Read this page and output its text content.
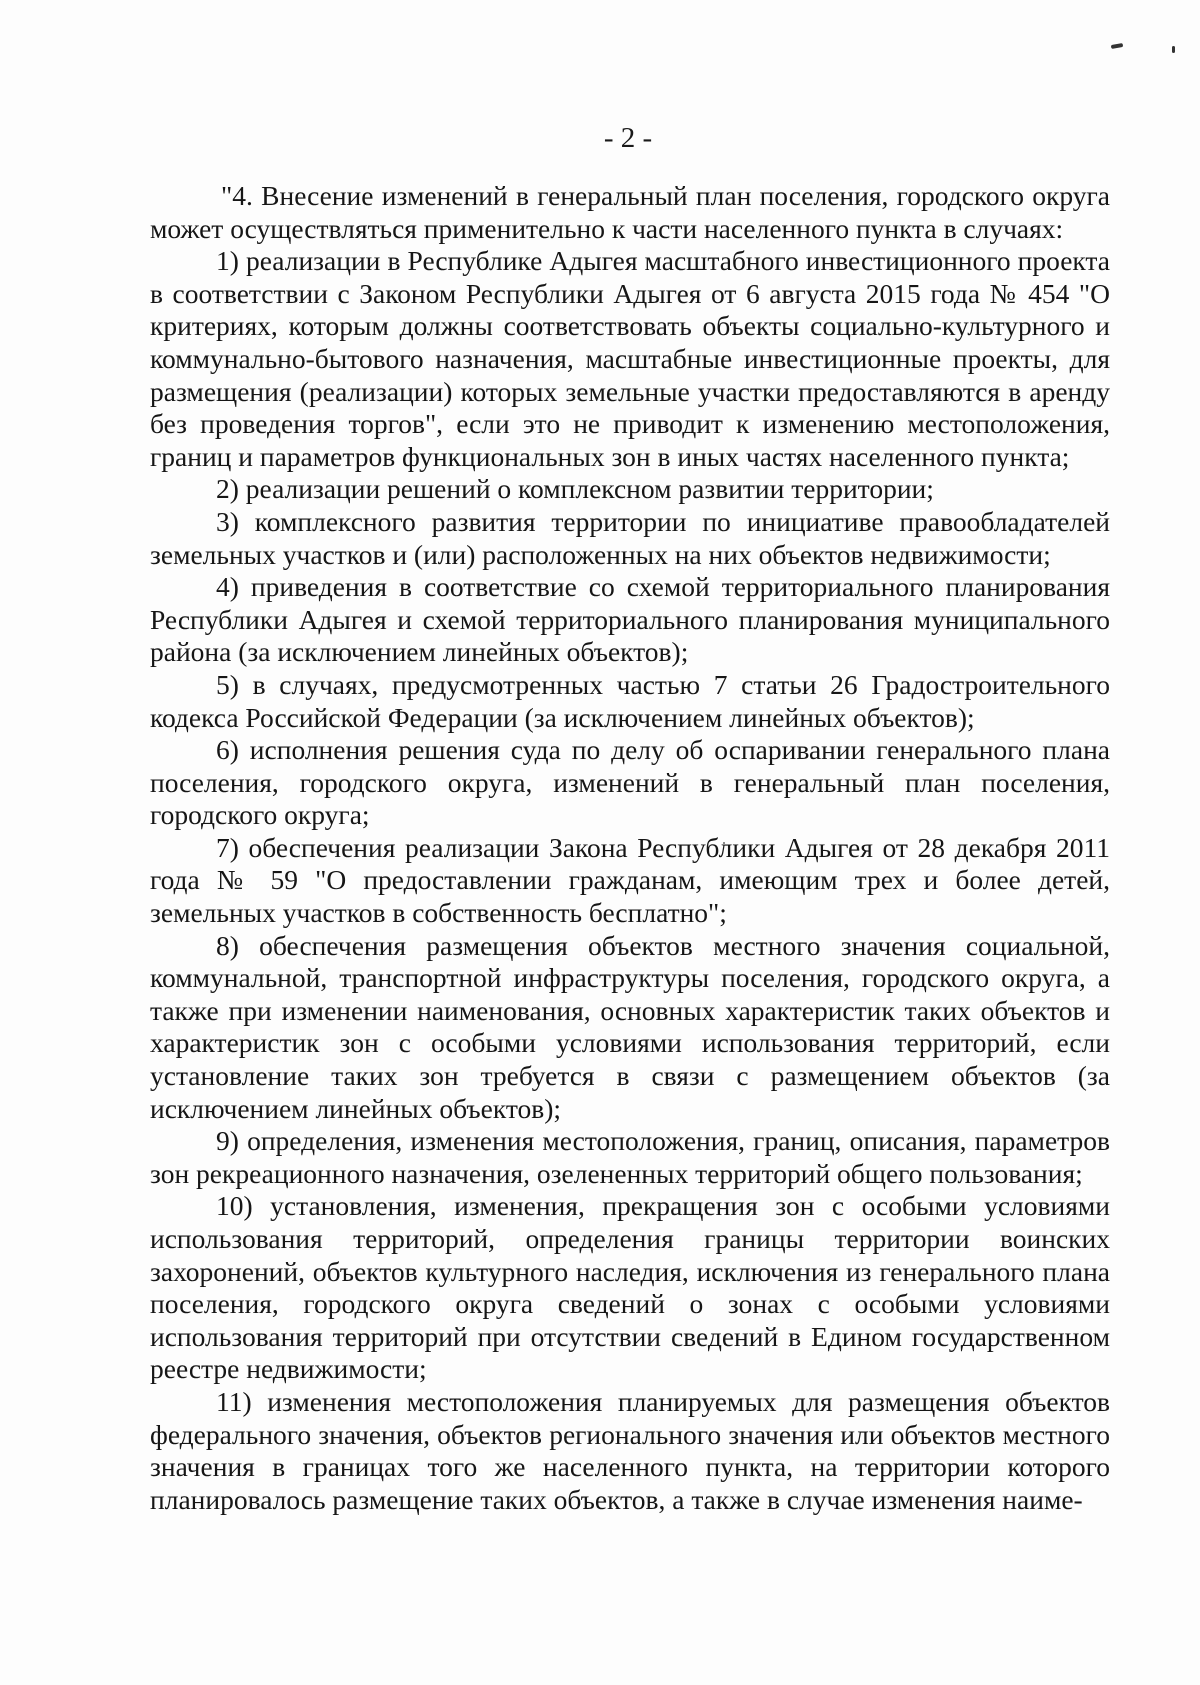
- 2 -

"4. Внесение изменений в генеральный план поселения, городского округа может осуществляться применительно к части населенного пункта в случаях:

1) реализации в Республике Адыгея масштабного инвестиционного проекта в соответствии с Законом Республики Адыгея от 6 августа 2015 года № 454 "О критериях, которым должны соответствовать объекты социально-культурного и коммунально-бытового назначения, масштабные инвестиционные проекты, для размещения (реализации) которых земельные участки предоставляются в аренду без проведения торгов", если это не приводит к изменению местоположения, границ и параметров функциональных зон в иных частях населенного пункта;

2) реализации решений о комплексном развитии территории;

3) комплексного развития территории по инициативе правообладателей земельных участков и (или) расположенных на них объектов недвижимости;

4) приведения в соответствие со схемой территориального планирования Республики Адыгея и схемой территориального планирования муниципального района (за исключением линейных объектов);

5) в случаях, предусмотренных частью 7 статьи 26 Градостроительного кодекса Российской Федерации (за исключением линейных объектов);

6) исполнения решения суда по делу об оспаривании генерального плана поселения, городского округа, изменений в генеральный план поселения, городского округа;

7) обеспечения реализации Закона Республики Адыгея от 28 декабря 2011 года № 59 "О предоставлении гражданам, имеющим трех и более детей, земельных участков в собственность бесплатно";

8) обеспечения размещения объектов местного значения социальной, коммунальной, транспортной инфраструктуры поселения, городского округа, а также при изменении наименования, основных характеристик таких объектов и характеристик зон с особыми условиями использования территорий, если установление таких зон требуется в связи с размещением объектов (за исключением линейных объектов);

9) определения, изменения местоположения, границ, описания, параметров зон рекреационного назначения, озелененных территорий общего пользования;

10) установления, изменения, прекращения зон с особыми условиями использования территорий, определения границы территории воинских захоронений, объектов культурного наследия, исключения из генерального плана поселения, городского округа сведений о зонах с особыми условиями использования территорий при отсутствии сведений в Едином государственном реестре недвижимости;

11) изменения местоположения планируемых для размещения объектов федерального значения, объектов регионального значения или объектов местного значения в границах того же населенного пункта, на территории которого планировалось размещение таких объектов, а также в случае изменения наиме-
